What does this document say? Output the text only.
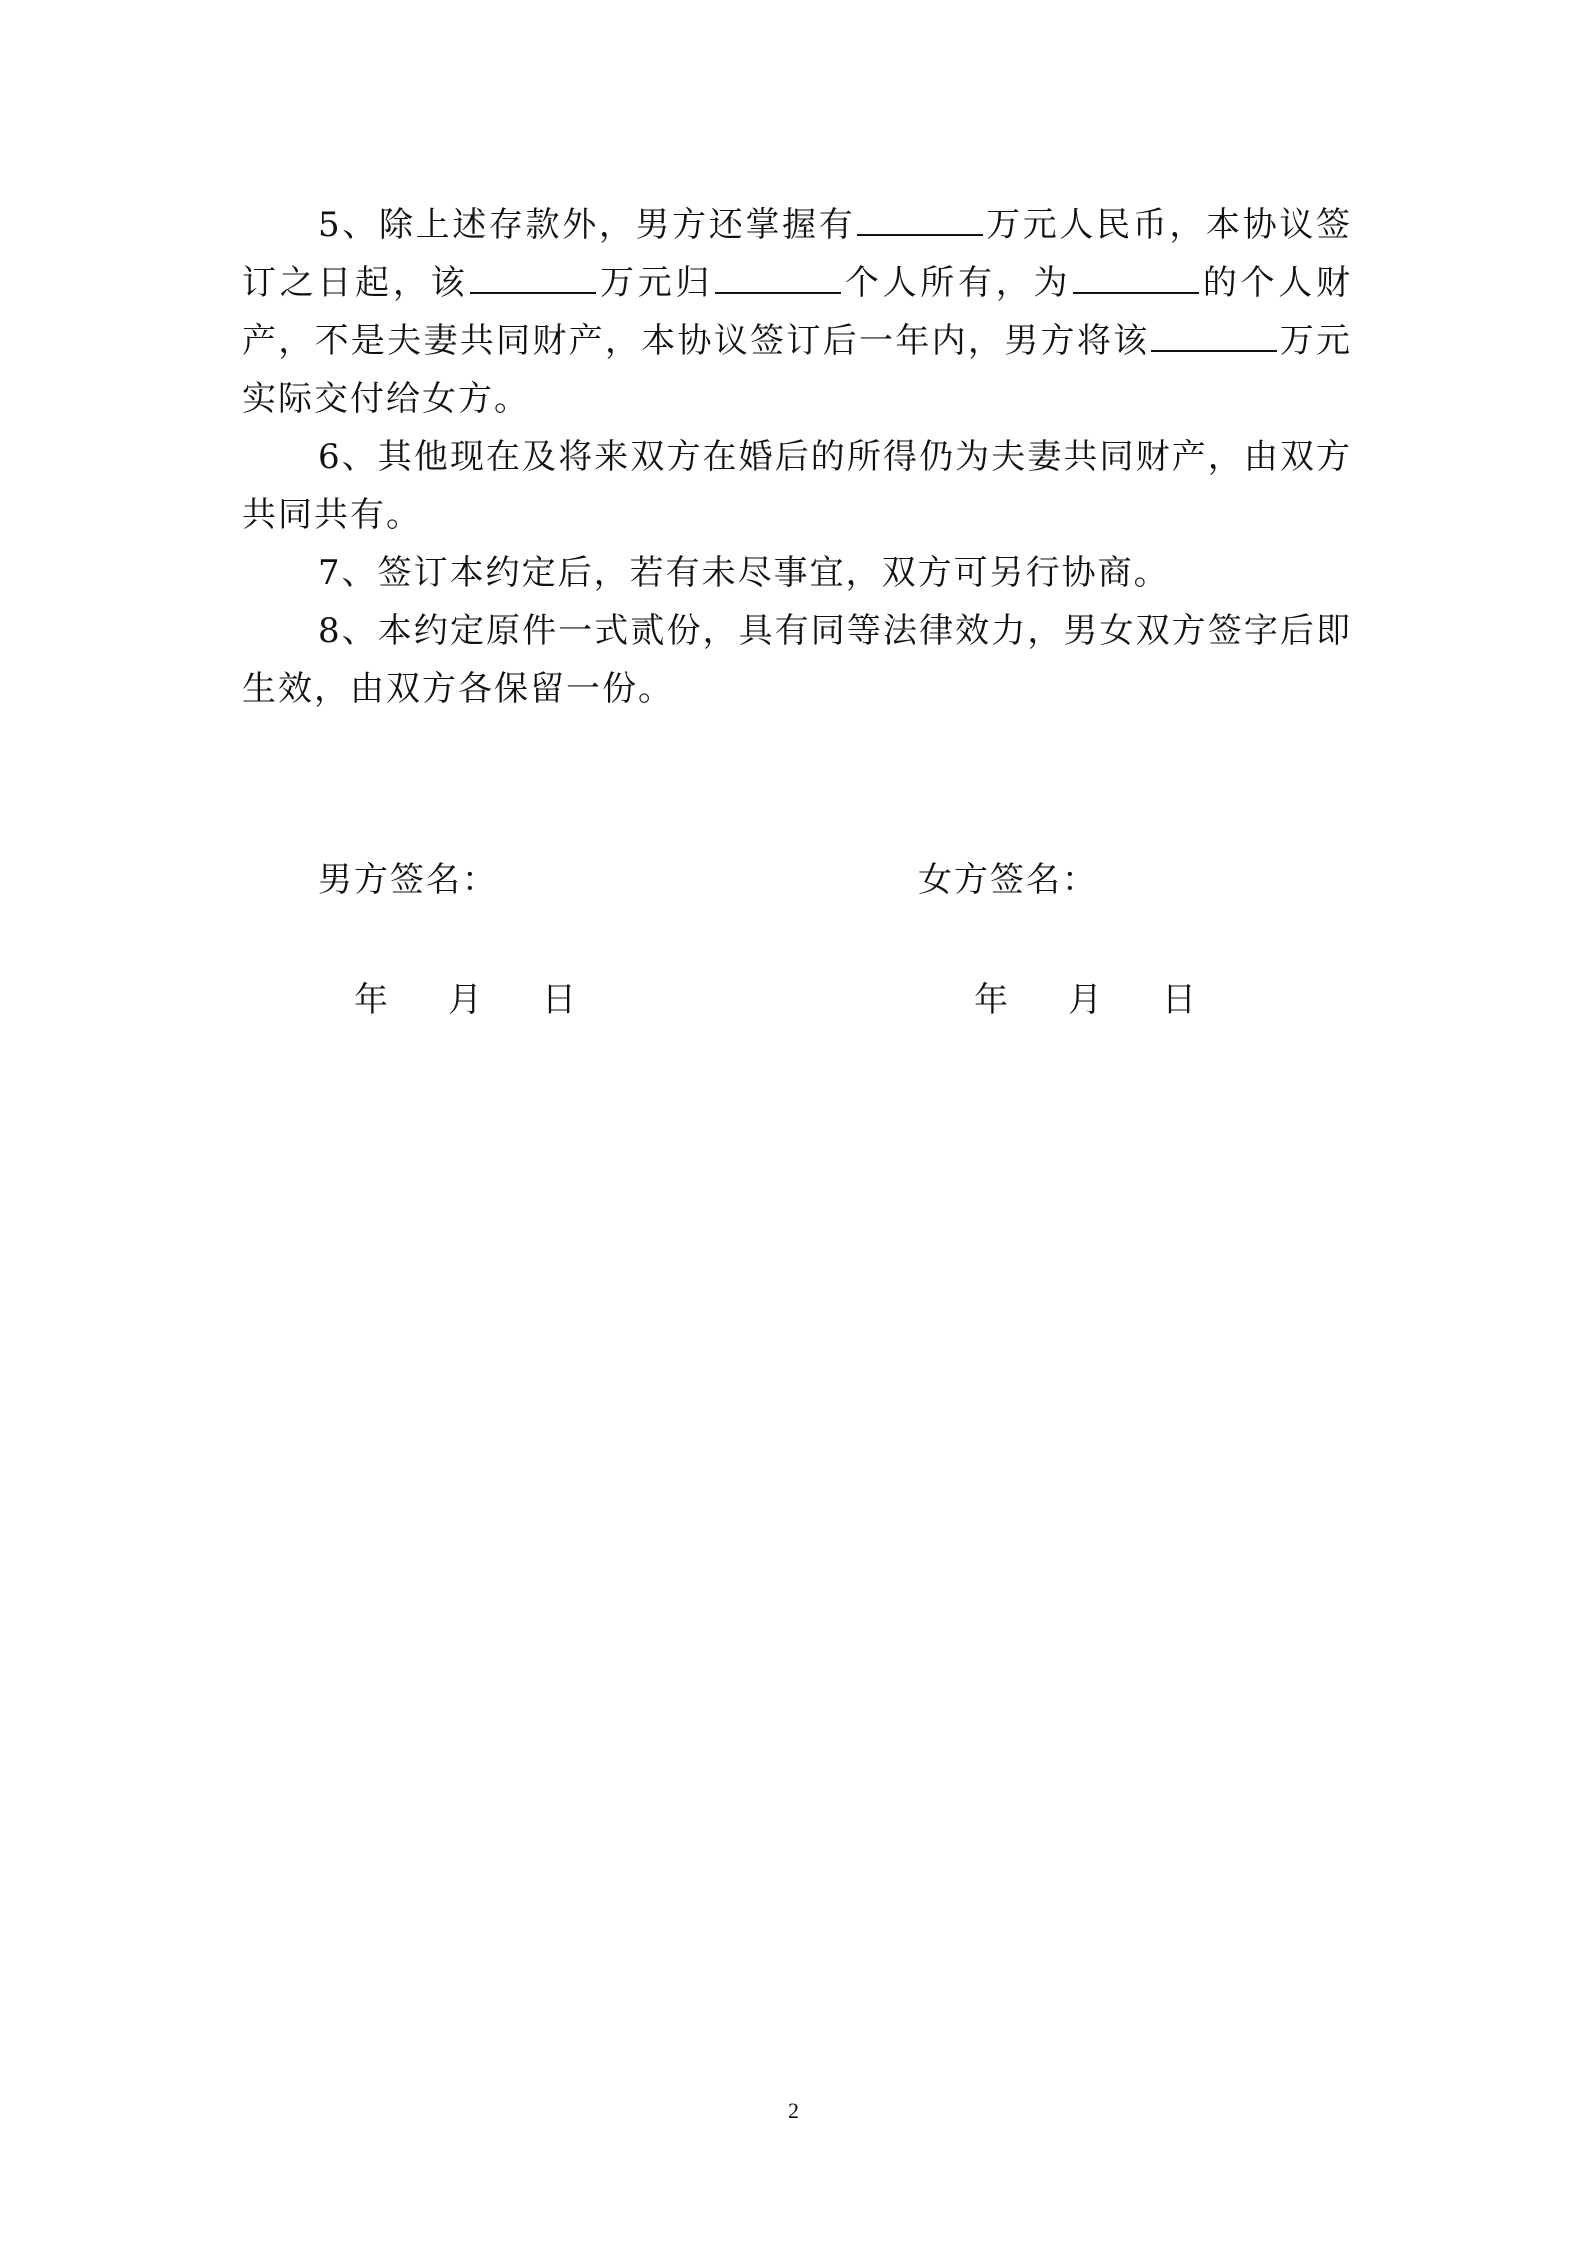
5、除上述存款外，男方还掌握有	万元人民币，本协议签订之日起，该	万元归	个人所有，为	的个人财产，不是夫妻共同财产，本协议签订后一年内，男方将该	万元实际交付给女方。

6、其他现在及将来双方在婚后的所得仍为夫妻共同财产，由双方共同共有。

7、签订本约定后，若有未尽事宜，双方可另行协商。

8、本约定原件一式贰份，具有同等法律效力，男女双方签字后即生效，由双方各保留一份。

男方签名：	女方签名：
年 月 日	年 月 日
2
